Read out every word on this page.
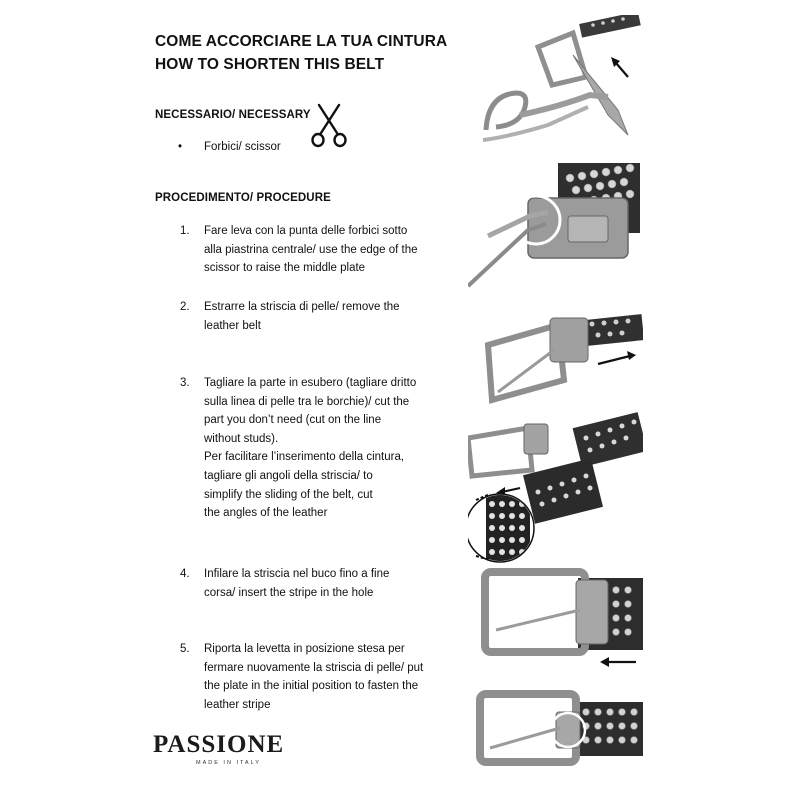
COME ACCORCIARE LA TUA CINTURA
HOW TO SHORTEN THIS BELT
NECESSARIO/ NECESSARY
• Forbici/ scissor
PROCEDIMENTO/ PROCEDURE
1. Fare leva con la punta delle forbici sotto
alla piastrina centrale/ use the edge of the
scissor to raise the middle plate
2. Estrarre la striscia di pelle/ remove the
leather belt
3. Tagliare la parte in esubero (tagliare dritto
sulla linea di pelle tra le borchie)/ cut the
part you don’t need (cut on the line
without studs).
Per facilitare l’inserimento della cintura,
tagliare gli angoli della striscia/ to
simplify the sliding of the belt, cut
the angles of the leather
4. Infilare la striscia nel buco fino a fine
corsa/ insert the stripe in the hole
5. Riporta la levetta in posizione stesa per
fermare nuovamente la striscia di pelle/ put
the plate in the initial position to fasten the
leather stripe
PASSIONE
MADE IN ITALY
